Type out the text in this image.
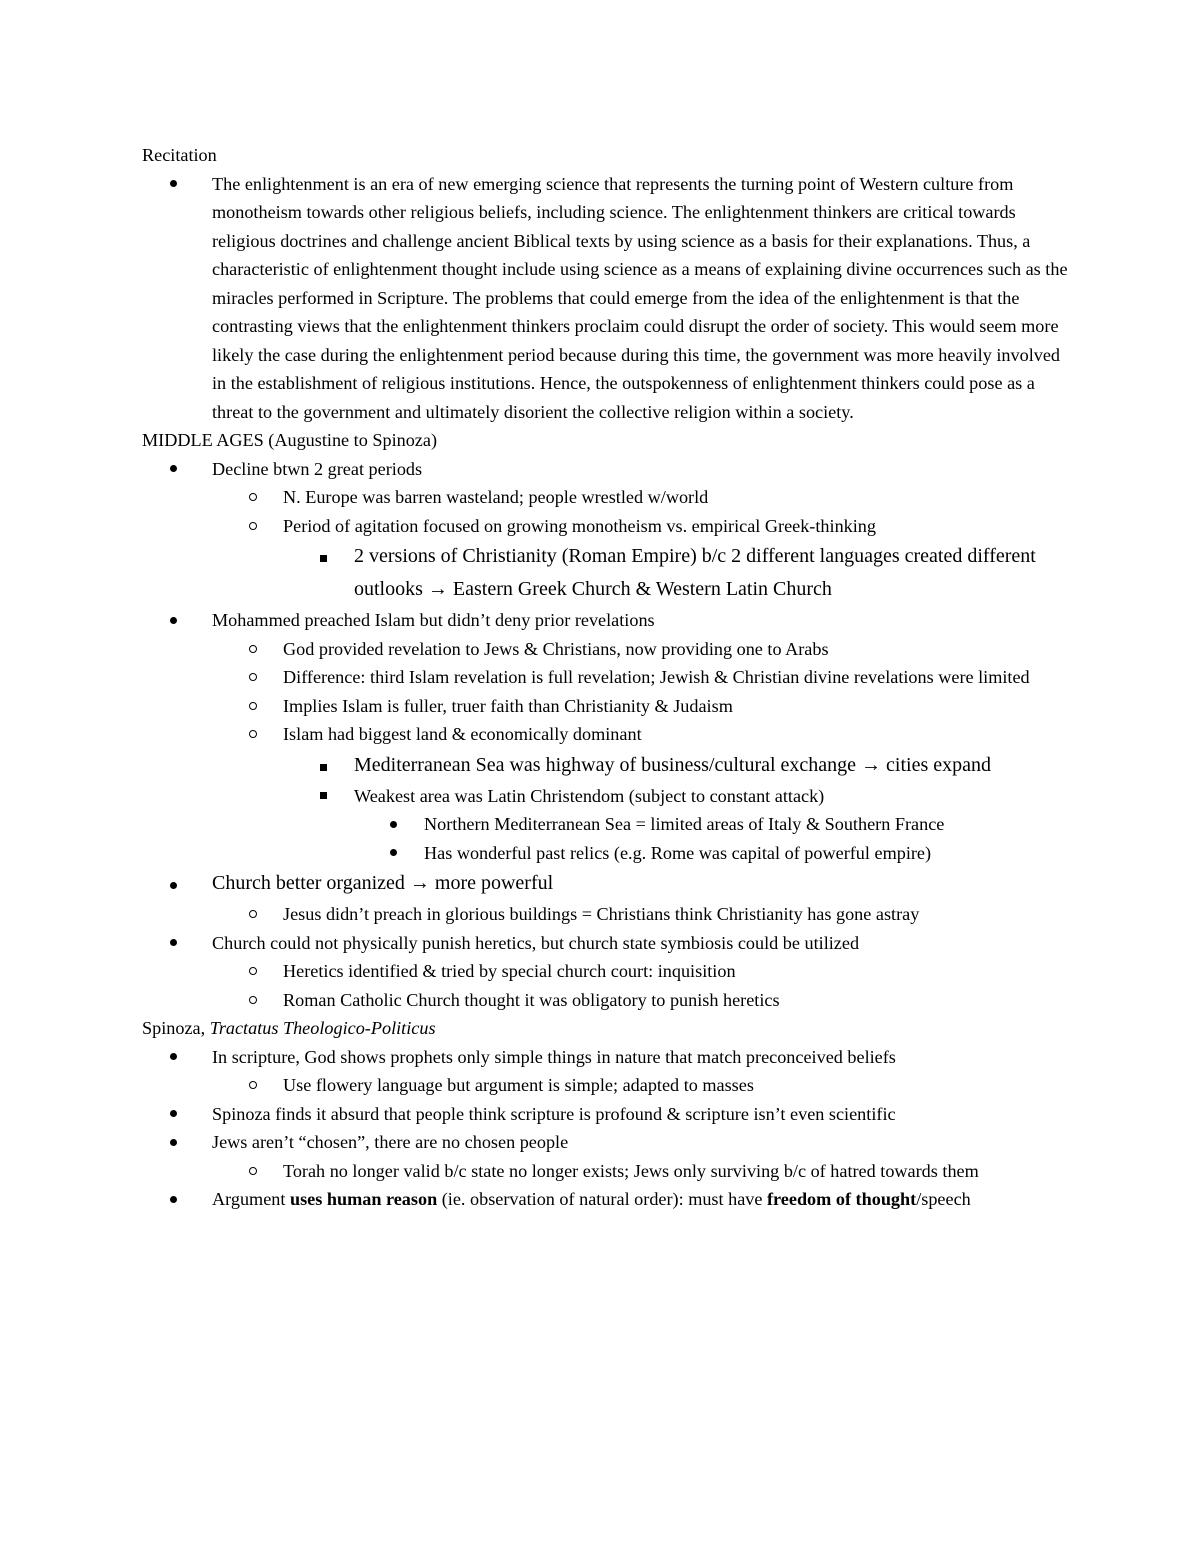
Recitation
The enlightenment is an era of new emerging science that represents the turning point of Western culture from monotheism towards other religious beliefs, including science. The enlightenment thinkers are critical towards religious doctrines and challenge ancient Biblical texts by using science as a basis for their explanations. Thus, a characteristic of enlightenment thought include using science as a means of explaining divine occurrences such as the miracles performed in Scripture. The problems that could emerge from the idea of the enlightenment is that the contrasting views that the enlightenment thinkers proclaim could disrupt the order of society. This would seem more likely the case during the enlightenment period because during this time, the government was more heavily involved in the establishment of religious institutions. Hence, the outspokenness of enlightenment thinkers could pose as a threat to the government and ultimately disorient the collective religion within a society.
MIDDLE AGES (Augustine to Spinoza)
Decline btwn 2 great periods
N. Europe was barren wasteland; people wrestled w/world
Period of agitation focused on growing monotheism vs. empirical Greek-thinking
2 versions of Christianity (Roman Empire) b/c 2 different languages created different outlooks → Eastern Greek Church & Western Latin Church
Mohammed preached Islam but didn’t deny prior revelations
God provided revelation to Jews & Christians, now providing one to Arabs
Difference: third Islam revelation is full revelation; Jewish & Christian divine revelations were limited
Implies Islam is fuller, truer faith than Christianity & Judaism
Islam had biggest land & economically dominant
Mediterranean Sea was highway of business/cultural exchange → cities expand
Weakest area was Latin Christendom (subject to constant attack)
Northern Mediterranean Sea = limited areas of Italy & Southern France
Has wonderful past relics (e.g. Rome was capital of powerful empire)
Church better organized → more powerful
Jesus didn’t preach in glorious buildings = Christians think Christianity has gone astray
Church could not physically punish heretics, but church state symbiosis could be utilized
Heretics identified & tried by special church court: inquisition
Roman Catholic Church thought it was obligatory to punish heretics
Spinoza, Tractatus Theologico-Politicus
In scripture, God shows prophets only simple things in nature that match preconceived beliefs
Use flowery language but argument is simple; adapted to masses
Spinoza finds it absurd that people think scripture is profound & scripture isn’t even scientific
Jews aren’t “chosen”, there are no chosen people
Torah no longer valid b/c state no longer exists; Jews only surviving b/c of hatred towards them
Argument uses human reason (ie. observation of natural order): must have freedom of thought/speech
